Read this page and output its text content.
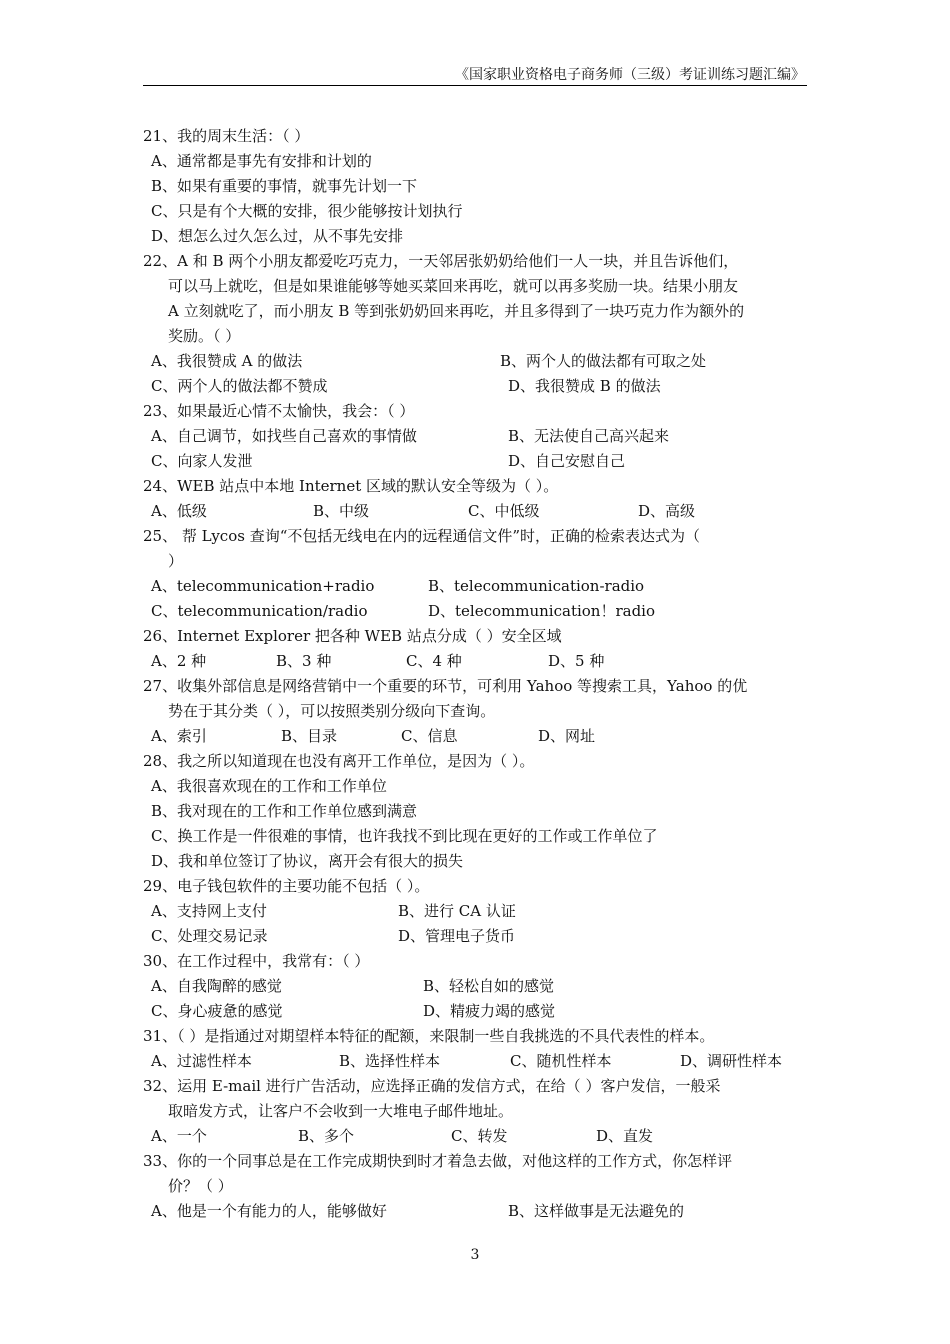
《国家职业资格电子商务师（三级）考证训练习题汇编》
21、我的周末生活：（ ）
A、通常都是事先有安排和计划的
B、如果有重要的事情，就事先计划一下
C、只是有个大概的安排，很少能够按计划执行
D、想怎么过久怎么过，从不事先安排
22、A 和 B 两个小朋友都爱吃巧克力，一天邻居张奶奶给他们一人一块，并且告诉他们，
可以马上就吃，但是如果谁能够等她买菜回来再吃，就可以再多奖励一块。结果小朋友
A 立刻就吃了，而小朋友 B 等到张奶奶回来再吃，并且多得到了一块巧克力作为额外的
奖励。（ ）
A、我很赞成 A 的做法	B、两个人的做法都有可取之处
C、两个人的做法都不赞成	D、我很赞成 B 的做法
23、如果最近心情不太愉快，我会：（ ）
A、自己调节，如找些自己喜欢的事情做	B、无法使自己高兴起来
C、向家人发泄	D、自己安慰自己
24、WEB 站点中本地 Internet 区域的默认安全等级为（ ）。
A、低级	B、中级	C、中低级	D、高级
25、 帮 Lycos 查询“不包括无线电在内的远程通信文件”时，正确的检索表达式为（
）
A、telecommunication+radio	B、telecommunication-radio
C、telecommunication/radio	D、telecommunication！radio
26、Internet Explorer 把各种 WEB 站点分成（ ）安全区域
A、2 种	B、3 种	C、4 种	D、5 种
27、收集外部信息是网络营销中一个重要的环节，可利用 Yahoo 等搜索工具，Yahoo 的优
势在于其分类（ ），可以按照类别分级向下查询。
A、索引	B、目录	C、信息	D、网址
28、我之所以知道现在也没有离开工作单位，是因为（ ）。
A、我很喜欢现在的工作和工作单位
B、我对现在的工作和工作单位感到满意
C、换工作是一件很难的事情，也许我找不到比现在更好的工作或工作单位了
D、我和单位签订了协议，离开会有很大的损失
29、电子钱包软件的主要功能不包括（ ）。
A、支持网上支付	B、进行 CA 认证
C、处理交易记录	D、管理电子货币
30、在工作过程中，我常有：（ ）
A、自我陶醉的感觉	B、轻松自如的感觉
C、身心疲惫的感觉	D、精疲力竭的感觉
31、（ ）是指通过对期望样本特征的配额，来限制一些自我挑选的不具代表性的样本。
A、过滤性样本	B、选择性样本	C、随机性样本	D、调研性样本
32、运用 E-mail 进行广告活动，应选择正确的发信方式，在给（ ）客户发信，一般采
取暗发方式，让客户不会收到一大堆电子邮件地址。
A、一个	B、多个	C、转发	D、直发
33、你的一个同事总是在工作完成期快到时才着急去做，对他这样的工作方式，你怎样评
价？（ ）
A、他是一个有能力的人，能够做好	B、这样做事是无法避免的
3
